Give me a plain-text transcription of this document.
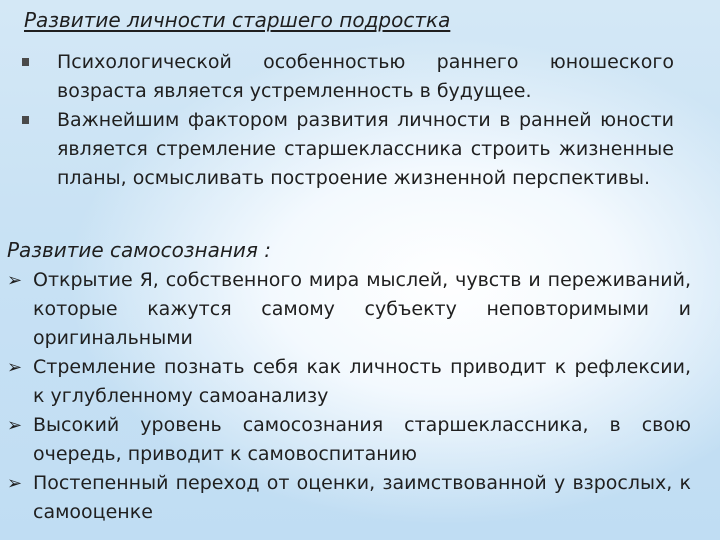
Развитие личности старшего подростка
Психологической особенностью раннего юношеского возраста является устремленность в будущее.
Важнейшим фактором развития личности в ранней юности является стремление старшеклассника строить жизненные планы, осмысливать построение жизненной перспективы.
Развитие самосознания :
➢ Открытие Я, собственного мира мыслей, чувств и переживаний, которые кажутся самому субъекту неповторимыми и оригинальными
➢ Стремление познать себя как личность приводит к рефлексии, к углубленному самоанализу
➢ Высокий уровень самосознания старшеклассника, в свою очередь, приводит к самовоспитанию
➢ Постепенный переход от оценки, заимствованной у взрослых, к самооценке
